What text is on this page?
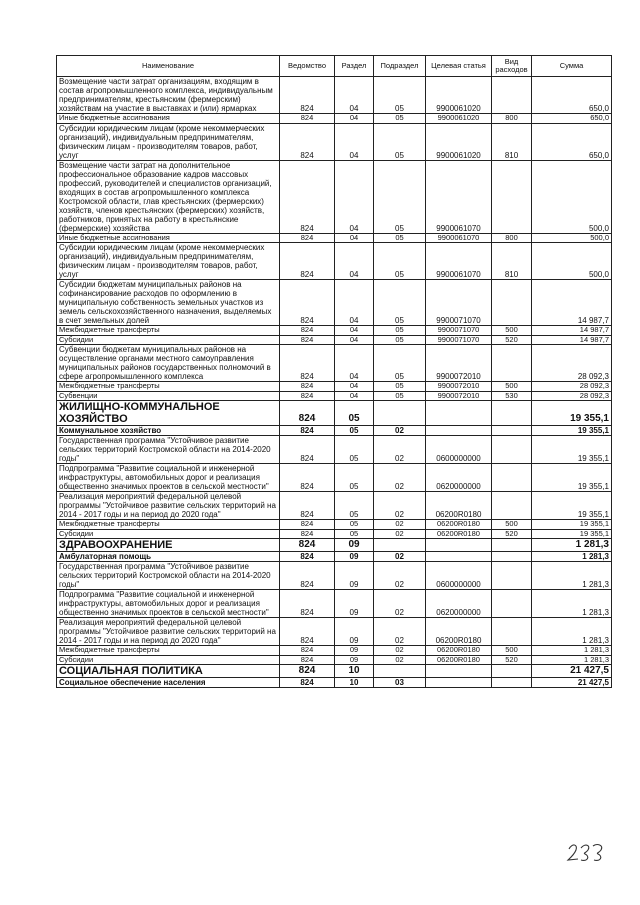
Наименование	Ведомство	Раздел	Подраздел	Целевая статья	Вид расходов	Сумма
Возмещение части затрат организациям, входящим в состав агропромышленного комплекса, индивидуальным предпринимателям, крестьянским (фермерским) хозяйствам на участие в выставках и (или) ярмарках	824	04	05	9900061020		650,0
Иные бюджетные ассигнования	824	04	05	9900061020	800	650,0
Субсидии юридическим лицам (кроме некоммерческих организаций), индивидуальным предпринимателям, физическим лицам - производителям товаров, работ, услуг	824	04	05	9900061020	810	650,0
Возмещение части затрат на дополнительное профессиональное образование кадров массовых профессий, руководителей и специалистов организаций, входящих в состав агропромышленного комплекса Костромской области, глав крестьянских (фермерских) хозяйств, членов крестьянских (фермерских) хозяйств, работников, принятых на работу в крестьянские (фермерские) хозяйства	824	04	05	9900061070		500,0
Иные бюджетные ассигнования	824	04	05	9900061070	800	500,0
Субсидии юридическим лицам (кроме некоммерческих организаций), индивидуальным предпринимателям, физическим лицам - производителям товаров, работ, услуг	824	04	05	9900061070	810	500,0
Субсидии бюджетам муниципальных районов на софинансирование расходов по оформлению в муниципальную собственность земельных участков из земель сельскохозяйственного назначения, выделяемых в счет земельных долей	824	04	05	9900071070		14 987,7
Межбюджетные трансферты	824	04	05	9900071070	500	14 987,7
Субсидии	824	04	05	9900071070	520	14 987,7
Субвенции бюджетам муниципальных районов на осуществление органами местного самоуправления муниципальных районов государственных полномочий в сфере агропромышленного комплекса	824	04	05	9900072010		28 092,3
Межбюджетные трансферты	824	04	05	9900072010	500	28 092,3
Субвенции	824	04	05	9900072010	530	28 092,3
ЖИЛИЩНО-КОММУНАЛЬНОЕ ХОЗЯЙСТВО	824	05				19 355,1
Коммунальное хозяйство	824	05	02			19 355,1
Государственная программа "Устойчивое развитие сельских территорий Костромской области на 2014-2020 годы"	824	05	02	0600000000		19 355,1
Подпрограмма "Развитие социальной и инженерной инфраструктуры, автомобильных дорог и реализация общественно значимых проектов в сельской местности"	824	05	02	0620000000		19 355,1
Реализация мероприятий федеральной целевой программы "Устойчивое развитие сельских территорий на 2014 - 2017 годы и на период до 2020 года"	824	05	02	06200R0180		19 355,1
Межбюджетные трансферты	824	05	02	06200R0180	500	19 355,1
Субсидии	824	05	02	06200R0180	520	19 355,1
ЗДРАВООХРАНЕНИЕ	824	09				1 281,3
Амбулаторная помощь	824	09	02			1 281,3
Государственная программа "Устойчивое развитие сельских территорий Костромской области на 2014-2020 годы"	824	09	02	0600000000		1 281,3
Подпрограмма "Развитие социальной и инженерной инфраструктуры, автомобильных дорог и реализация общественно значимых проектов в сельской местности"	824	09	02	0620000000		1 281,3
Реализация мероприятий федеральной целевой программы "Устойчивое развитие сельских территорий на 2014 - 2017 годы и на период до 2020 года"	824	09	02	06200R0180		1 281,3
Межбюджетные трансферты	824	09	02	06200R0180	500	1 281,3
Субсидии	824	09	02	06200R0180	520	1 281,3
СОЦИАЛЬНАЯ ПОЛИТИКА	824	10				21 427,5
Социальное обеспечение населения	824	10	03			21 427,5
